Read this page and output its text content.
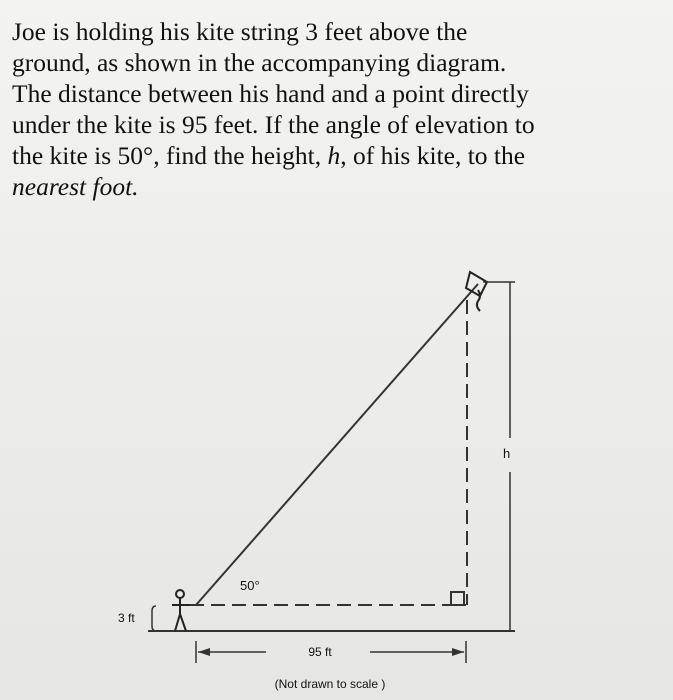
Joe is holding his kite string 3 feet above the
ground, as shown in the accompanying diagram.
The distance between his hand and a point directly
under the kite is 95 feet. If the angle of elevation to
the kite is 50°, find the height, h, of his kite, to the
nearest foot.
h
50°
3 ft
95 ft
(Not drawn to scale )
